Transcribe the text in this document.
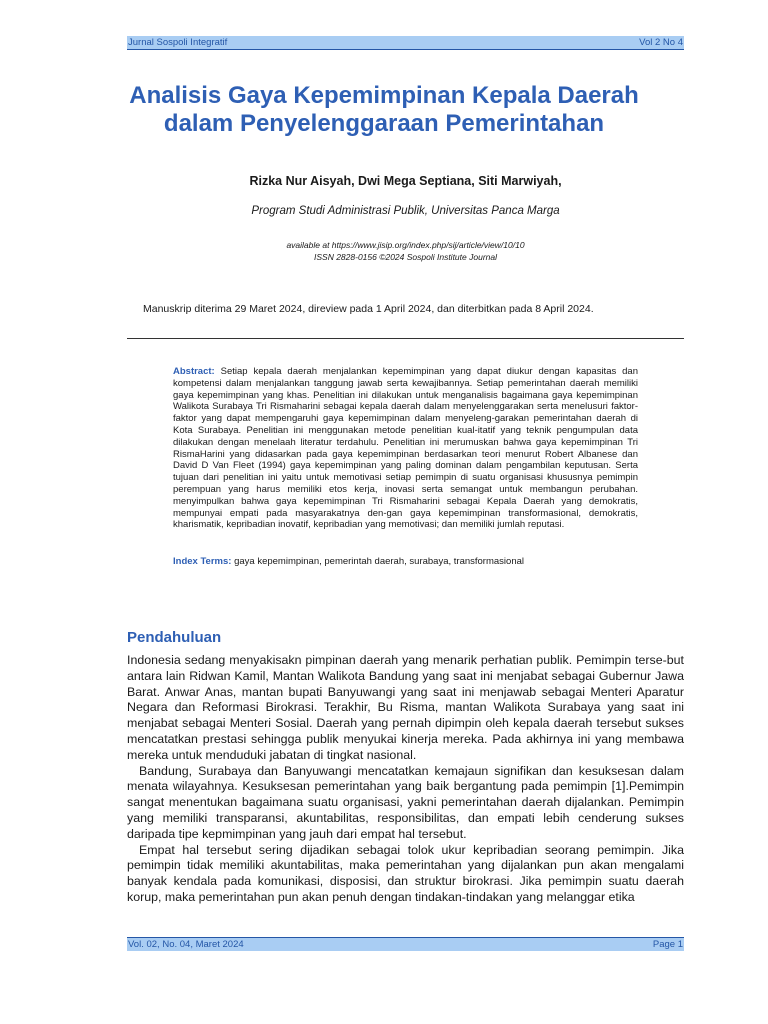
Jurnal Sospoli Integratif	Vol 2 No 4
Analisis Gaya Kepemimpinan Kepala Daerah
dalam Penyelenggaraan Pemerintahan
Rizka Nur Aisyah, Dwi Mega Septiana, Siti Marwiyah,
Program Studi Administrasi Publik, Universitas Panca Marga
available at https://www.jisip.org/index.php/sij/article/view/10/10
ISSN 2828-0156 ©2024 Sospoli Institute Journal
Manuskrip diterima 29 Maret 2024, direview pada 1 April 2024, dan diterbitkan pada 8 April 2024.

Abstract: Setiap kepala daerah menjalankan kepemimpinan yang dapat diukur dengan kapasitas dan kompetensi dalam menjalankan tanggung jawab serta kewajibannya. Setiap pemerintahan daerah memiliki gaya kepemimpinan yang khas. Penelitian ini dilakukan untuk menganalisis bagaimana gaya kepemimpinan Walikota Surabaya Tri Rismaharini sebagai kepala daerah dalam menyelenggarakan serta menelusuri faktor-faktor yang dapat mempengaruhi gaya kepemimpinan dalam menyeleng-garakan pemerintahan daerah di Kota Surabaya. Penelitian ini menggunakan metode penelitian kual-itatif yang teknik pengumpulan data dilakukan dengan menelaah literatur terdahulu. Penelitian ini merumuskan bahwa gaya kepemimpinan Tri RismaHarini yang didasarkan pada gaya kepemimpinan berdasarkan teori menurut Robert Albanese dan David D Van Fleet (1994) gaya kepemimpinan yang paling dominan dalam pengambilan keputusan. Serta tujuan dari penelitian ini yaitu untuk memotivasi setiap pemimpin di suatu organisasi khususnya pemimpin perempuan yang harus memiliki etos kerja, inovasi serta semangat untuk membangun perubahan. menyimpulkan bahwa gaya kepemimpinan Tri Rismaharini sebagai Kepala Daerah yang demokratis, mempunyai empati pada masyarakatnya den-gan gaya kepemimpinan transformasional, demokratis, kharismatik, kepribadian inovatif, kepribadian yang memotivasi; dan memiliki jumlah reputasi.

Index Terms: gaya kepemimpinan, pemerintah daerah, surabaya, transformasional

Pendahuluan

Indonesia sedang menyakisakn pimpinan daerah yang menarik perhatian publik. Pemimpin terse-but antara lain Ridwan Kamil, Mantan Walikota Bandung yang saat ini menjabat sebagai Gubernur Jawa Barat. Anwar Anas, mantan bupati Banyuwangi yang saat ini menjawab sebagai Menteri Aparatur Negara dan Reformasi Birokrasi. Terakhir, Bu Risma, mantan Walikota Surabaya yang saat ini menjabat sebagai Menteri Sosial. Daerah yang pernah dipimpin oleh kepala daerah tersebut sukses mencatatkan prestasi sehingga publik menyukai kinerja mereka. Pada akhirnya ini yang membawa mereka untuk menduduki jabatan di tingkat nasional.

Bandung, Surabaya dan Banyuwangi mencatatkan kemajaun signifikan dan kesuksesan dalam menata wilayahnya. Kesuksesan pemerintahan yang baik bergantung pada pemimpin [1].Pemimpin sangat menentukan bagaimana suatu organisasi, yakni pemerintahan daerah dijalankan. Pemimpin yang memiliki transparansi, akuntabilitas, responsibilitas, dan empati lebih cenderung sukses daripada tipe kepmimpinan yang jauh dari empat hal tersebut.

Empat hal tersebut sering dijadikan sebagai tolok ukur kepribadian seorang pemimpin. Jika pemimpin tidak memiliki akuntabilitas, maka pemerintahan yang dijalankan pun akan mengalami banyak kendala pada komunikasi, disposisi, dan struktur birokrasi. Jika pemimpin suatu daerah korup, maka pemerintahan pun akan penuh dengan tindakan-tindakan yang melanggar etika

Vol. 02, No. 04, Maret 2024	Page 1
